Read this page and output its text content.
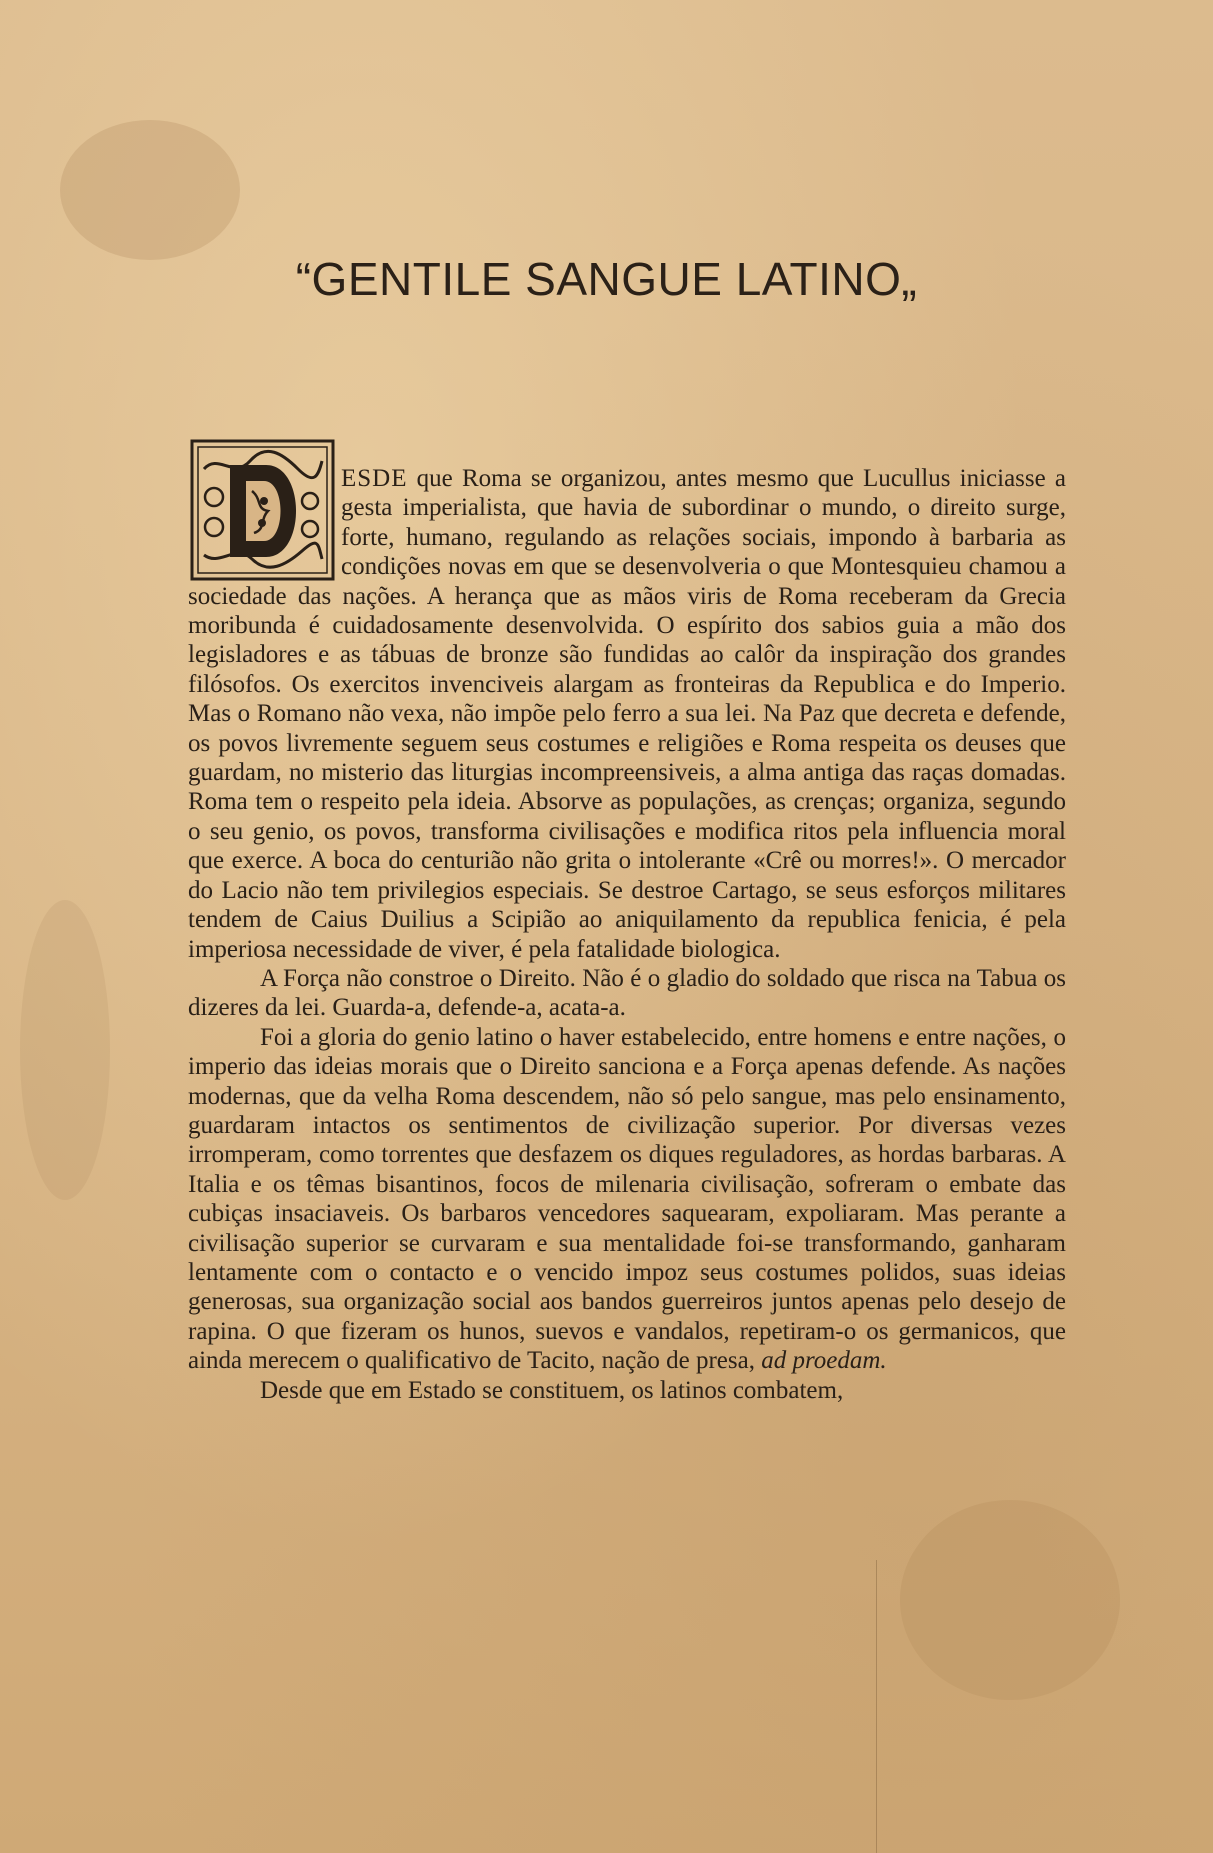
“GENTILE SANGUE LATINO„

ESDE que Roma se organizou, antes mesmo que Lucullus iniciasse a gesta imperialista, que havia de subordinar o mundo, o direito surge, forte, humano, regulando as relações sociais, impondo à barbaria as condições novas em que se desenvolveria o que Montesquieu chamou a sociedade das nações. A herança que as mãos viris de Roma receberam da Grecia moribunda é cuidadosamente desenvolvida. O espírito dos sabios guia a mão dos legisladores e as tábuas de bronze são fundidas ao calôr da inspiração dos grandes filósofos. Os exercitos invenciveis alargam as fronteiras da Republica e do Imperio. Mas o Romano não vexa, não impõe pelo ferro a sua lei. Na Paz que decreta e defende, os povos livremente seguem seus costumes e religiões e Roma respeita os deuses que guardam, no misterio das liturgias incompreensiveis, a alma antiga das raças domadas. Roma tem o respeito pela ideia. Absorve as populações, as crenças; organiza, segundo o seu genio, os povos, transforma civilisações e modifica ritos pela influencia moral que exerce. A boca do centurião não grita o intolerante «Crê ou morres!». O mercador do Lacio não tem privilegios especiais. Se destroe Cartago, se seus esforços militares tendem de Caius Duilius a Scipião ao aniquilamento da republica fenicia, é pela imperiosa necessidade de viver, é pela fatalidade biologica.

A Força não constroe o Direito. Não é o gladio do soldado que risca na Tabua os dizeres da lei. Guarda-a, defende-a, acata-a.

Foi a gloria do genio latino o haver estabelecido, entre homens e entre nações, o imperio das ideias morais que o Direito sanciona e a Força apenas defende. As nações modernas, que da velha Roma descendem, não só pelo sangue, mas pelo ensinamento, guardaram intactos os sentimentos de civilização superior. Por diversas vezes irromperam, como torrentes que desfazem os diques reguladores, as hordas barbaras. A Italia e os têmas bisantinos, focos de milenaria civilisação, sofreram o embate das cubiças insaciaveis. Os barbaros vencedores saquearam, expoliaram. Mas perante a civilisação superior se curvaram e sua mentalidade foi-se transformando, ganharam lentamente com o contacto e o vencido impoz seus costumes polidos, suas ideias generosas, sua organização social aos bandos guerreiros juntos apenas pelo desejo de rapina. O que fizeram os hunos, suevos e vandalos, repetiram-o os germanicos, que ainda merecem o qualificativo de Tacito, nação de presa, ad proedam.

Desde que em Estado se constituem, os latinos combatem,
